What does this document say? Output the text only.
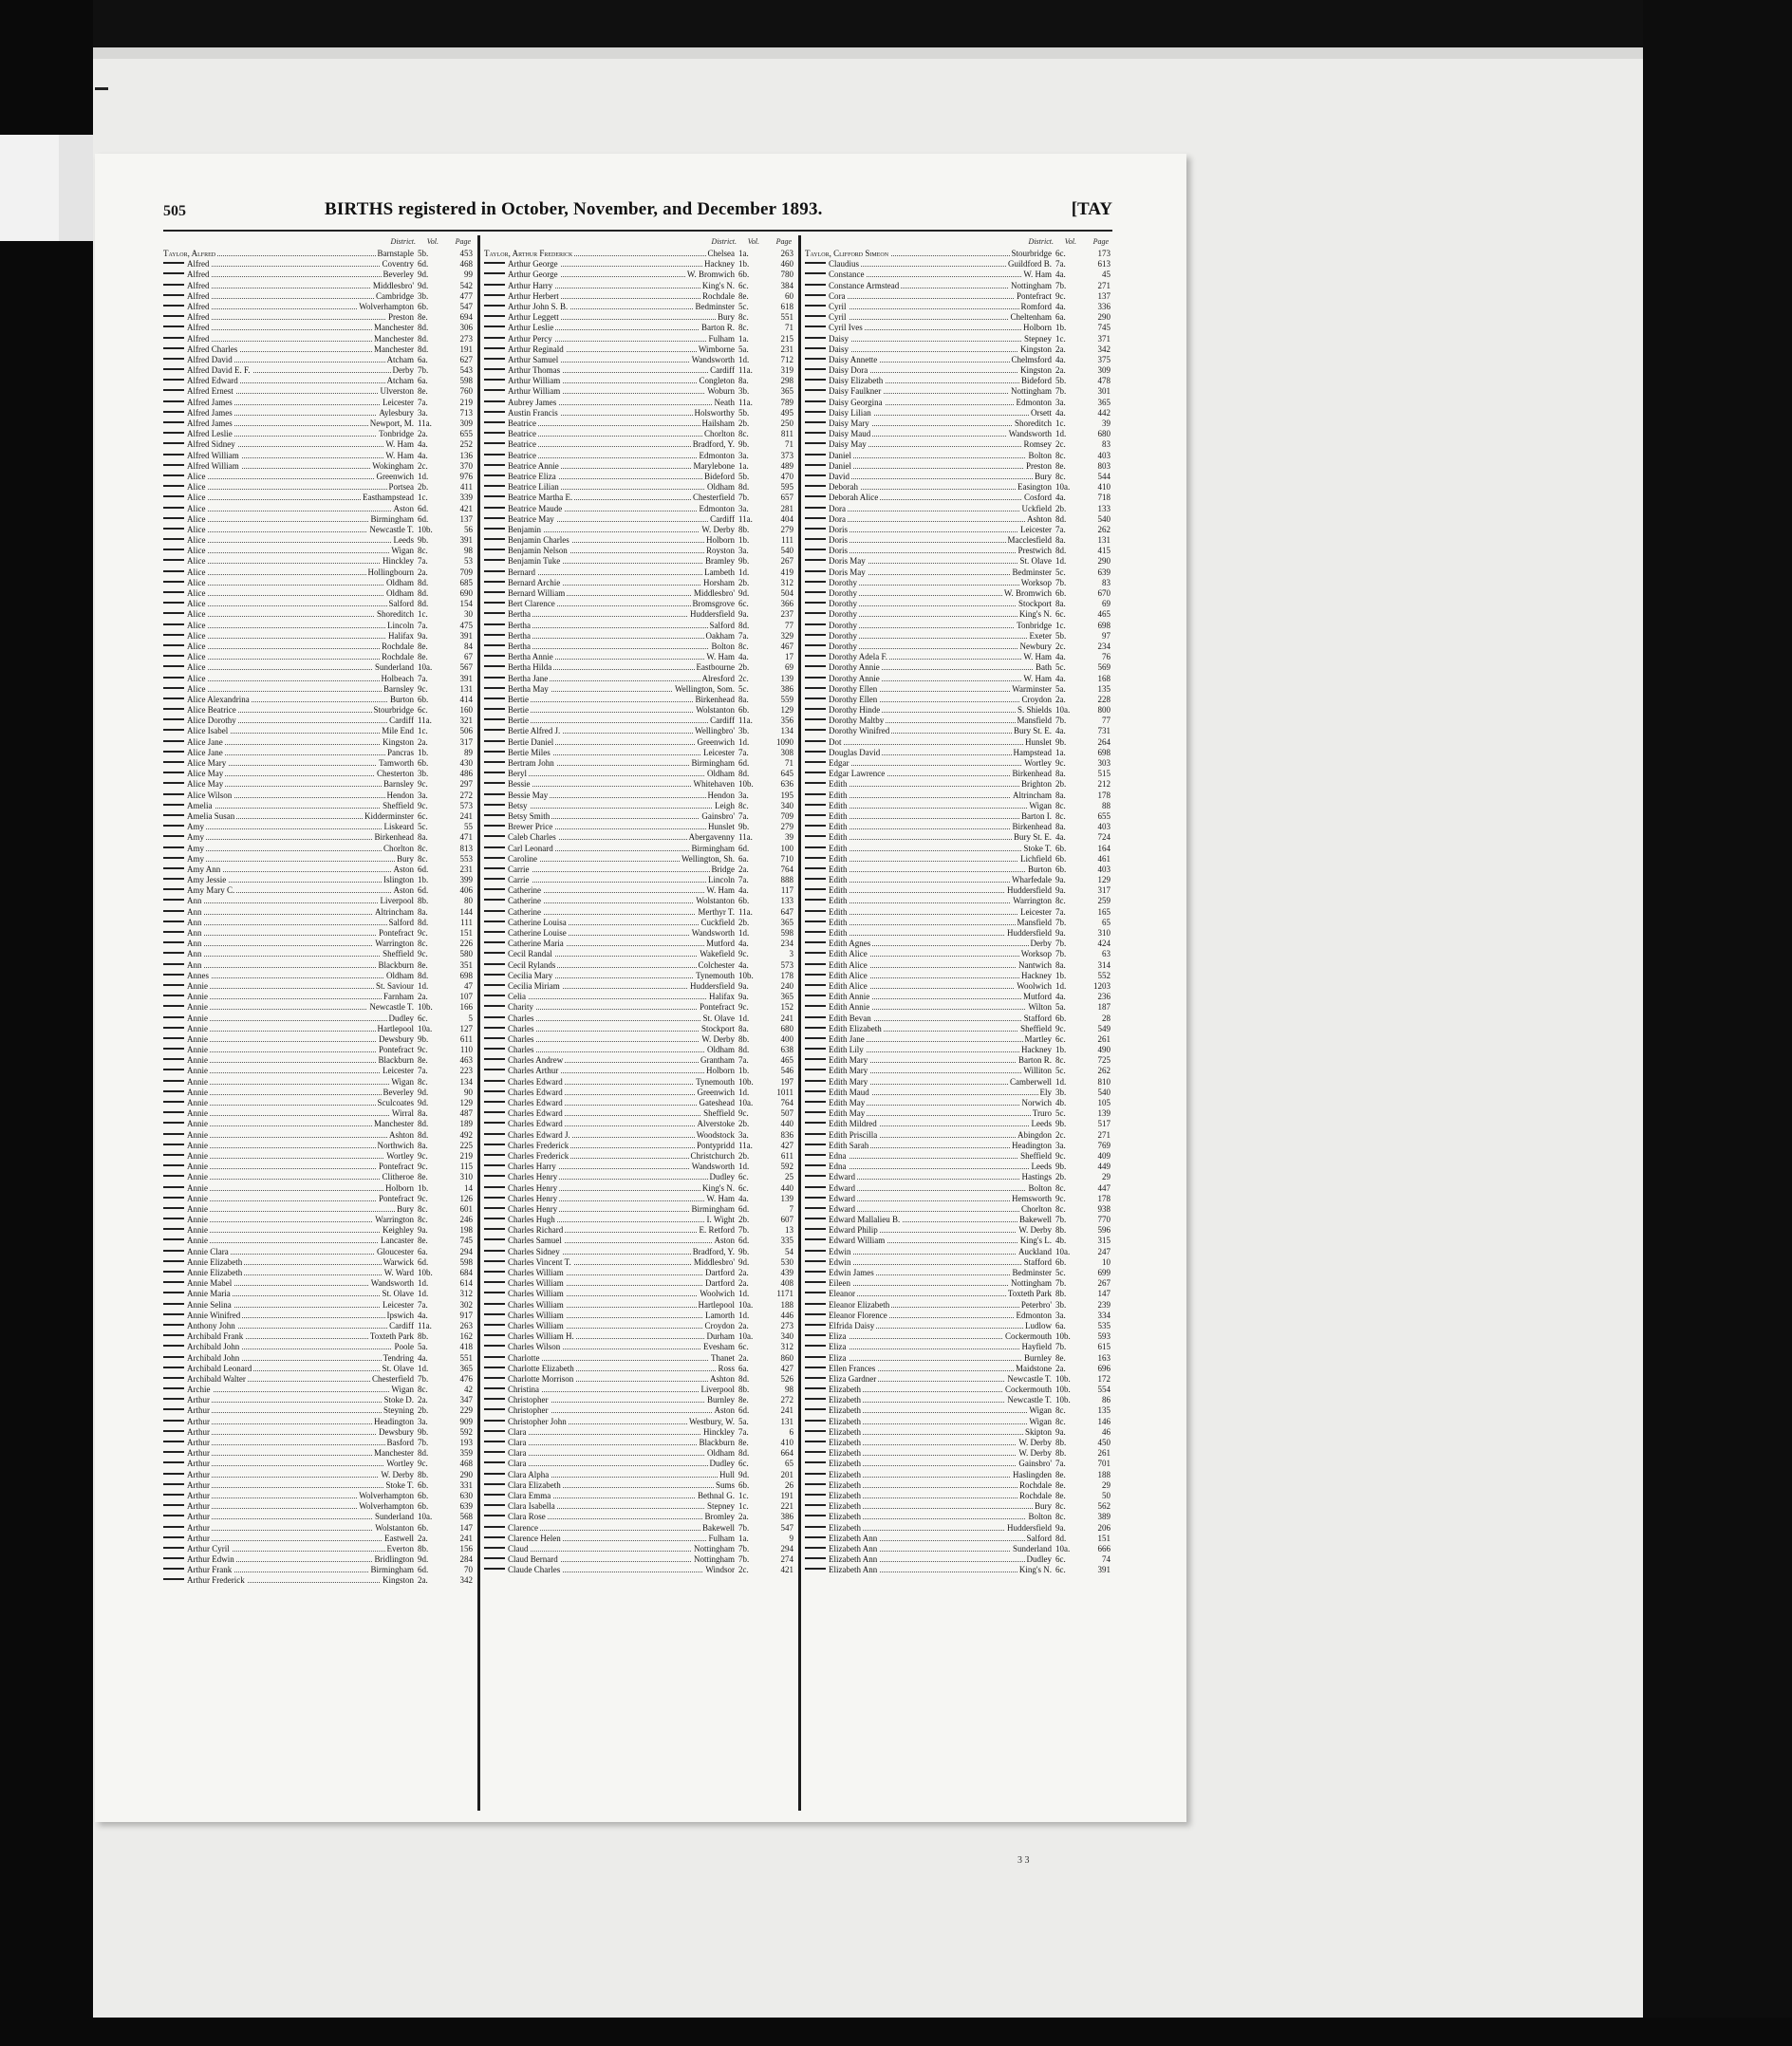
505	BIRTHS registered in October, November, and December 1893.	[TAY
District. Vol. Page
Taylor, Alfred	Barnstaple 5b.	453
Alfred	Coventry 6d.	468
Alfred	Beverley 9d.	99
Alfred	Middlesbro' 9d.	542
Alfred	Cambridge 3b.	477
Alfred	Wolverhampton 6b.	547
Alfred	Preston 8e.	694
Alfred	Manchester 8d.	306
Alfred	Manchester 8d.	273
Alfred Charles	Manchester 8d.	191
Alfred David	Atcham 6a.	627
Alfred David E. F.	Derby 7b.	543
Alfred Edward	Atcham 6a.	598
Alfred Ernest	Ulverston 8e.	760
Alfred James	Leicester 7a.	219
Alfred James	Aylesbury 3a.	713
Alfred James	Newport, M. 11a.	309
Alfred Leslie	Tonbridge 2a.	655
Alfred Sidney	W. Ham 4a.	252
Alfred William	W. Ham 4a.	136
Alfred William	Wokingham 2c.	370
Alice	Greenwich 1d.	976
Alice	Portsea 2b.	411
Alice	Easthampstead 1c.	339
Alice	Aston 6d.	421
Alice	Birmingham 6d.	137
Alice	Newcastle T. 10b.	56
Alice	Leeds 9b.	391
Alice	Wigan 8c.	98
Alice	Hinckley 7a.	53
Alice	Hollingbourn 2a.	709
Alice	Oldham 8d.	685
Alice	Oldham 8d.	690
Alice	Salford 8d.	154
Alice	Shoreditch 1c.	30
Alice	Lincoln 7a.	475
Alice	Halifax 9a.	391
Alice	Rochdale 8e.	84
Alice	Rochdale 8e.	67
Alice	Sunderland 10a.	567
Alice	Holbeach 7a.	391
Alice	Barnsley 9c.	131
Alice Alexandrina	Burton 6b.	414
Alice Beatrice	Stourbridge 6c.	160
Alice Dorothy	Cardiff 11a.	321
Alice Isabel	Mile End 1c.	506
Alice Jane	Kingston 2a.	317
Alice Jane	Pancras 1b.	89
Alice Mary	Tamworth 6b.	430
Alice May	Chesterton 3b.	486
Alice May	Barnsley 9c.	297
Alice Wilson	Hendon 3a.	272
Amelia	Sheffield 9c.	573
Amelia Susan	Kidderminster 6c.	241
Amy	Liskeard 5c.	55
Amy	Birkenhead 8a.	471
Amy	Chorlton 8c.	813
Amy	Bury 8c.	553
Amy Ann	Aston 6d.	231
Amy Jessie	Islington 1b.	399
Amy Mary C.	Aston 6d.	406
Ann	Liverpool 8b.	80
Ann	Altrincham 8a.	144
Ann	Salford 8d.	111
Ann	Pontefract 9c.	151
Ann	Warrington 8c.	226
Ann	Sheffield 9c.	580
Ann	Blackburn 8e.	351
Annes	Oldham 8d.	698
Annie	St. Saviour 1d.	47
Annie	Farnham 2a.	107
Annie	Newcastle T. 10b.	166
Annie	Dudley 6c.	5
Annie	Hartlepool 10a.	127
Annie	Dewsbury 9b.	611
Annie	Pontefract 9c.	110
Annie	Blackburn 8e.	463
Annie	Leicester 7a.	223
Annie	Wigan 8c.	134
Annie	Beverley 9d.	90
Annie	Sculcoates 9d.	129
Annie	Wirral 8a.	487
Annie	Manchester 8d.	189
Annie	Ashton 8d.	492
Annie	Northwich 8a.	225
Annie	Wortley 9c.	219
Annie	Pontefract 9c.	115
Annie	Clitheroe 8e.	310
Annie	Holborn 1b.	14
Annie	Pontefract 9c.	126
Annie	Bury 8c.	601
Annie	Warrington 8c.	246
Annie	Keighley 9a.	198
Annie	Lancaster 8e.	745
Annie Clara	Gloucester 6a.	294
Annie Elizabeth	Warwick 6d.	598
Annie Elizabeth	W. Ward 10b.	684
Annie Mabel	Wandsworth 1d.	614
Annie Maria	St. Olave 1d.	312
Annie Selina	Leicester 7a.	302
Annie Winifred	Ipswich 4a.	917
Anthony John	Cardiff 11a.	263
Archibald Frank	Toxteth Park 8b.	162
Archibald John	Poole 5a.	418
Archibald John	Tendring 4a.	551
Archibald Leonard	St. Olave 1d.	365
Archibald Walter	Chesterfield 7b.	476
Archie	Wigan 8c.	42
Arthur	Stoke D. 2a.	347
Arthur	Steyning 2b.	229
Arthur	Headington 3a.	909
Arthur	Dewsbury 9b.	592
Arthur	Basford 7b.	193
Arthur	Manchester 8d.	359
Arthur	Wortley 9c.	468
Arthur	W. Derby 8b.	290
Arthur	Stoke T. 6b.	331
Arthur	Wolverhampton 6b.	630
Arthur	Wolverhampton 6b.	639
Arthur	Sunderland 10a.	568
Arthur	Wolstanton 6b.	147
Arthur	Eastwell 2a.	241
Arthur Cyril	Everton 8b.	156
Arthur Edwin	Bridlington 9d.	284
Arthur Frank	Birmingham 6d.	70
Arthur Frederick	Kingston 2a.	342
District. Vol. Page
Taylor, Arthur Frederick	Chelsea 1a.	263
Arthur George	Hackney 1b.	460
Arthur George	W. Bromwich 6b.	780
Arthur Harry	King's N. 6c.	384
Arthur Herbert	Rochdale 8e.	60
Arthur John S. B.	Bedminster 5c.	618
Arthur Leggett	Bury 8c.	551
Arthur Leslie	Barton R. 8c.	71
Arthur Percy	Fulham 1a.	215
Arthur Reginald	Wimborne 5a.	231
Arthur Samuel	Wandsworth 1d.	712
Arthur Thomas	Cardiff 11a.	319
Arthur William	Congleton 8a.	298
Arthur William	Woburn 3b.	365
Aubrey James	Neath 11a.	789
Austin Francis	Holsworthy 5b.	495
Beatrice	Hailsham 2b.	250
Beatrice	Chorlton 8c.	811
Beatrice	Bradford, Y. 9b.	71
Beatrice	Edmonton 3a.	373
Beatrice Annie	Marylebone 1a.	489
Beatrice Eliza	Bideford 5b.	470
Beatrice Lilian	Oldham 8d.	595
Beatrice Martha E.	Chesterfield 7b.	657
Beatrice Maude	Edmonton 3a.	281
Beatrice May	Cardiff 11a.	404
Benjamin	W. Derby 8b.	279
Benjamin Charles	Holborn 1b.	111
Benjamin Nelson	Royston 3a.	540
Benjamin Tuke	Bramley 9b.	267
Bernard	Lambeth 1d.	419
Bernard Archie	Horsham 2b.	312
Bernard William	Middlesbro' 9d.	504
Bert Clarence	Bromsgrove 6c.	366
Bertha	Huddersfield 9a.	237
Bertha	Salford 8d.	77
Bertha	Oakham 7a.	329
Bertha	Bolton 8c.	467
Bertha Annie	W. Ham 4a.	17
Bertha Hilda	Eastbourne 2b.	69
Bertha Jane	Alresford 2c.	139
Bertha May	Wellington, Som. 5c.	386
Bertie	Birkenhead 8a.	559
Bertie	Wolstanton 6b.	129
Bertie	Cardiff 11a.	356
Bertie Alfred J.	Wellingbro' 3b.	134
Bertie Daniel	Greenwich 1d.	1090
Bertie Miles	Leicester 7a.	308
Bertram John	Birmingham 6d.	71
Beryl	Oldham 8d.	645
Bessie	Whitehaven 10b.	636
Bessie May	Hendon 3a.	195
Betsy	Leigh 8c.	340
Betsy Smith	Gainsbro' 7a.	709
Brewer Price	Hunslet 9b.	279
Caleb Charles	Abergavenny 11a.	39
Carl Leonard	Birmingham 6d.	100
Caroline	Wellington, Sh. 6a.	710
Carrie	Bridge 2a.	764
Carrie	Lincoln 7a.	888
Catherine	W. Ham 4a.	117
Catherine	Wolstanton 6b.	133
Catherine	Merthyr T. 11a.	647
Catherine Louisa	Cuckfield 2b.	365
Catherine Louise	Wandsworth 1d.	598
Catherine Maria	Mutford 4a.	234
Cecil Randal	Wakefield 9c.	3
Cecil Rylands	Colchester 4a.	573
Cecilia Mary	Tynemouth 10b.	178
Cecilia Miriam	Huddersfield 9a.	240
Celia	Halifax 9a.	365
Charity	Pontefract 9c.	152
Charles	St. Olave 1d.	241
Charles	Stockport 8a.	680
Charles	W. Derby 8b.	400
Charles	Oldham 8d.	638
Charles Andrew	Grantham 7a.	465
Charles Arthur	Holborn 1b.	546
Charles Edward	Tynemouth 10b.	197
Charles Edward	Greenwich 1d.	1011
Charles Edward	Gateshead 10a.	764
Charles Edward	Sheffield 9c.	507
Charles Edward	Alverstoke 2b.	440
Charles Edward J.	Woodstock 3a.	836
Charles Frederick	Pontypridd 11a.	427
Charles Frederick	Christchurch 2b.	611
Charles Harry	Wandsworth 1d.	592
Charles Henry	Dudley 6c.	25
Charles Henry	King's N. 6c.	440
Charles Henry	W. Ham 4a.	139
Charles Henry	Birmingham 6d.	7
Charles Hugh	I. Wight 2b.	607
Charles Richard	E. Retford 7b.	13
Charles Samuel	Aston 6d.	335
Charles Sidney	Bradford, Y. 9b.	54
Charles Vincent T.	Middlesbro' 9d.	530
Charles William	Dartford 2a.	439
Charles William	Dartford 2a.	408
Charles William	Woolwich 1d.	1171
Charles William	Hartlepool 10a.	188
Charles William	Lamorth 1d.	446
Charles William	Croydon 2a.	273
Charles William H.	Durham 10a.	340
Charles Wilson	Evesham 6c.	312
Charlotte	Thanet 2a.	860
Charlotte Elizabeth	Ross 6a.	427
Charlotte Morrison	Ashton 8d.	526
Christina	Liverpool 8b.	98
Christopher	Burnley 8e.	272
Christopher	Aston 6d.	241
Christopher John	Westbury, W. 5a.	131
Clara	Hinckley 7a.	6
Clara	Blackburn 8e.	410
Clara	Oldham 8d.	664
Clara	Dudley 6c.	65
Clara Alpha	Hull 9d.	201
Clara Elizabeth	Sums 6b.	26
Clara Emma	Bethnal G. 1c.	191
Clara Isabella	Stepney 1c.	221
Clara Rose	Bromley 2a.	386
Clarence	Bakewell 7b.	547
Clarence Helen	Fulham 1a.	9
Claud	Nottingham 7b.	294
Claud Bernard	Nottingham 7b.	274
Claude Charles	Windsor 2c.	421
District. Vol. Page
Taylor, Clifford Simeon	Stourbridge 6c.	173
Claudius	Guildford B. 7a.	613
Constance	W. Ham 4a.	45
Constance Armstead	Nottingham 7b.	271
Cora	Pontefract 9c.	137
Cyril	Romford 4a.	336
Cyril	Cheltenham 6a.	290
Cyril Ives	Holborn 1b.	745
Daisy	Stepney 1c.	371
Daisy	Kingston 2a.	342
Daisy Annette	Chelmsford 4a.	375
Daisy Dora	Kingston 2a.	309
Daisy Elizabeth	Bideford 5b.	478
Daisy Faulkner	Nottingham 7b.	301
Daisy Georgina	Edmonton 3a.	365
Daisy Lilian	Orsett 4a.	442
Daisy Mary	Shoreditch 1c.	39
Daisy Maud	Wandsworth 1d.	680
Daisy May	Romsey 2c.	83
Daniel	Bolton 8c.	403
Daniel	Preston 8e.	803
David	Bury 8c.	544
Deborah	Easington 10a.	410
Deborah Alice	Cosford 4a.	718
Dora	Uckfield 2b.	133
Dora	Ashton 8d.	540
Doris	Leicester 7a.	262
Doris	Macclesfield 8a.	131
Doris	Prestwich 8d.	415
Doris May	St. Olave 1d.	290
Doris May	Bedminster 5c.	639
Dorothy	Worksop 7b.	83
Dorothy	W. Bromwich 6b.	670
Dorothy	Stockport 8a.	69
Dorothy	King's N. 6c.	465
Dorothy	Tonbridge 1c.	698
Dorothy	Exeter 5b.	97
Dorothy	Newbury 2c.	234
Dorothy Adela F.	W. Ham 4a.	76
Dorothy Annie	Bath 5c.	569
Dorothy Annie	W. Ham 4a.	168
Dorothy Ellen	Warminster 5a.	135
Dorothy Ellen	Croydon 2a.	228
Dorothy Hinde	S. Shields 10a.	800
Dorothy Maltby	Mansfield 7b.	77
Dorothy Winifred	Bury St. E. 4a.	731
Dot	Hunslet 9b.	264
Douglas David	Hampstead 1a.	698
Edgar	Wortley 9c.	303
Edgar Lawrence	Birkenhead 8a.	515
Edith	Brighton 2b.	212
Edith	Altrincham 8a.	178
Edith	Wigan 8c.	88
Edith	Barton I. 8c.	655
Edith	Birkenhead 8a.	403
Edith	Bury St. E. 4a.	724
Edith	Stoke T. 6b.	164
Edith	Lichfield 6b.	461
Edith	Burton 6b.	403
Edith	Wharfedale 9a.	129
Edith	Huddersfield 9a.	317
Edith	Warrington 8c.	259
Edith	Leicester 7a.	165
Edith	Mansfield 7b.	65
Edith	Huddersfield 9a.	310
Edith Agnes	Derby 7b.	424
Edith Alice	Worksop 7b.	63
Edith Alice	Nantwich 8a.	314
Edith Alice	Hackney 1b.	552
Edith Alice	Woolwich 1d.	1203
Edith Annie	Mutford 4a.	236
Edith Annie	Wilton 5a.	187
Edith Bevan	Stafford 6b.	28
Edith Elizabeth	Sheffield 9c.	549
Edith Jane	Martley 6c.	261
Edith Lily	Hackney 1b.	490
Edith Mary	Barton R. 8c.	725
Edith Mary	Williton 5c.	262
Edith Mary	Camberwell 1d.	810
Edith Maud	Ely 3b.	540
Edith May	Norwich 4b.	105
Edith May	Truro 5c.	139
Edith Mildred	Leeds 9b.	517
Edith Priscilla	Abingdon 2c.	271
Edith Sarah	Headington 3a.	769
Edna	Sheffield 9c.	409
Edna	Leeds 9b.	449
Edward	Hastings 2b.	29
Edward	Bolton 8c.	447
Edward	Hemsworth 9c.	178
Edward	Chorlton 8c.	938
Edward Mallalieu B.	Bakewell 7b.	770
Edward Philip	W. Derby 8b.	596
Edward William	King's L. 4b.	315
Edwin	Auckland 10a.	247
Edwin	Stafford 6b.	10
Edwin James	Bedminster 5c.	699
Eileen	Nottingham 7b.	267
Eleanor	Toxteth Park 8b.	147
Eleanor Elizabeth	Peterbro' 3b.	239
Eleanor Florence	Edmonton 3a.	334
Elfrida Daisy	Ludlow 6a.	535
Eliza	Cockermouth 10b.	593
Eliza	Hayfield 7b.	615
Eliza	Burnley 8e.	163
Ellen Frances	Maidstone 2a.	696
Eliza Gardner	Newcastle T. 10b.	172
Elizabeth	Cockermouth 10b.	554
Elizabeth	Newcastle T. 10b.	86
Elizabeth	Wigan 8c.	135
Elizabeth	Wigan 8c.	146
Elizabeth	Skipton 9a.	46
Elizabeth	W. Derby 8b.	450
Elizabeth	W. Derby 8b.	261
Elizabeth	Gainsbro' 7a.	701
Elizabeth	Haslingden 8e.	188
Elizabeth	Rochdale 8e.	29
Elizabeth	Rochdale 8e.	50
Elizabeth	Bury 8c.	562
Elizabeth	Bolton 8c.	389
Elizabeth	Huddersfield 9a.	206
Elizabeth Ann	Salford 8d.	151
Elizabeth Ann	Sunderland 10a.	666
Elizabeth Ann	Dudley 6c.	74
Elizabeth Ann	King's N. 6c.	391
3 3
